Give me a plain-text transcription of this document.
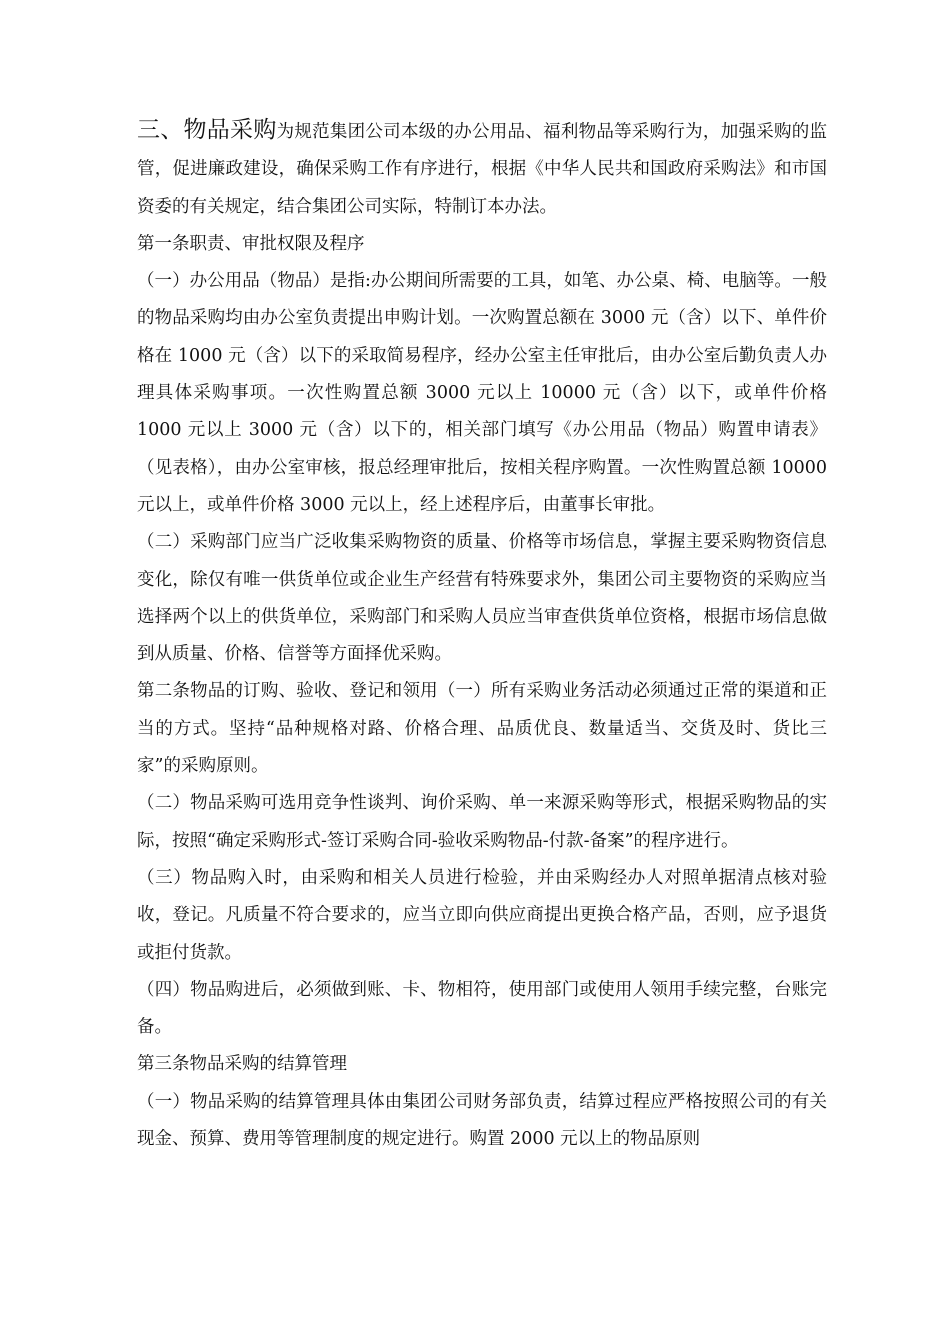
三、物品采购为规范集团公司本级的办公用品、福利物品等采购行为，加强采购的监管，促进廉政建设，确保采购工作有序进行，根据《中华人民共和国政府采购法》和市国资委的有关规定，结合集团公司实际，特制订本办法。

第一条职责、审批权限及程序

（一）办公用品（物品）是指:办公期间所需要的工具，如笔、办公桌、椅、电脑等。一般的物品采购均由办公室负责提出申购计划。一次购置总额在 3000 元（含）以下、单件价格在 1000 元（含）以下的采取简易程序，经办公室主任审批后，由办公室后勤负责人办理具体采购事项。一次性购置总额 3000 元以上 10000 元（含）以下，或单件价格 1000 元以上 3000 元（含）以下的，相关部门填写《办公用品（物品）购置申请表》（见表格），由办公室审核，报总经理审批后，按相关程序购置。一次性购置总额 10000 元以上，或单件价格 3000 元以上，经上述程序后，由董事长审批。

（二）采购部门应当广泛收集采购物资的质量、价格等市场信息，掌握主要采购物资信息变化，除仅有唯一供货单位或企业生产经营有特殊要求外，集团公司主要物资的采购应当选择两个以上的供货单位，采购部门和采购人员应当审查供货单位资格，根据市场信息做到从质量、价格、信誉等方面择优采购。

第二条物品的订购、验收、登记和领用（一）所有采购业务活动必须通过正常的渠道和正当的方式。坚持“品种规格对路、价格合理、品质优良、数量适当、交货及时、货比三家”的采购原则。

（二）物品采购可选用竞争性谈判、询价采购、单一来源采购等形式，根据采购物品的实际，按照“确定采购形式-签订采购合同-验收采购物品-付款-备案”的程序进行。

（三）物品购入时，由采购和相关人员进行检验，并由采购经办人对照单据清点核对验收，登记。凡质量不符合要求的，应当立即向供应商提出更换合格产品，否则，应予退货或拒付货款。

（四）物品购进后，必须做到账、卡、物相符，使用部门或使用人领用手续完整，台账完备。

第三条物品采购的结算管理

（一）物品采购的结算管理具体由集团公司财务部负责，结算过程应严格按照公司的有关现金、预算、费用等管理制度的规定进行。购置 2000 元以上的物品原则
